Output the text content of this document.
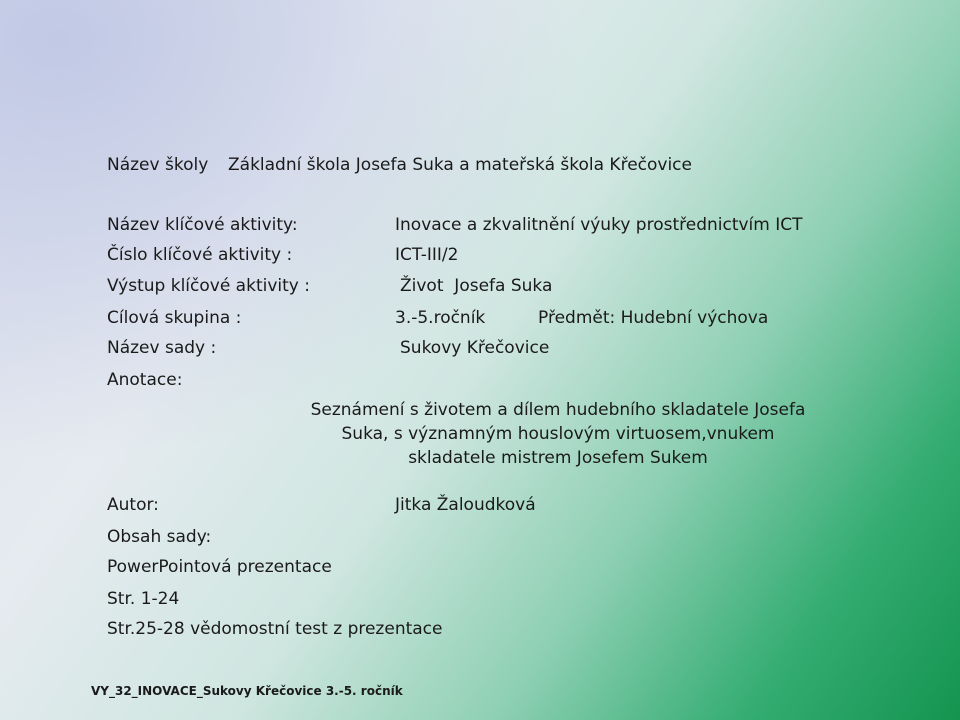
Název školy Základní škola Josefa Suka a mateřská škola Křečovice
Název klíčové aktivity:	Inovace a zkvalitnění výuky prostřednictvím ICT
Číslo klíčové aktivity :	ICT-III/2
Výstup klíčové aktivity :	Život  Josefa Suka
Cílová skupina :	3.-5.ročník	Předmět: Hudební výchova
Název sady :	Sukovy Křečovice
Anotace:
Seznámení s životem a dílem hudebního skladatele Josefa
Suka, s významným houslovým virtuosem,vnukem
skladatele mistrem Josefem Sukem
Autor:	Jitka Žaloudková
Obsah sady:
PowerPointová prezentace
Str. 1-24
Str.25-28 vědomostní test z prezentace
VY_32_INOVACE_Sukovy Křečovice 3.-5. ročník
